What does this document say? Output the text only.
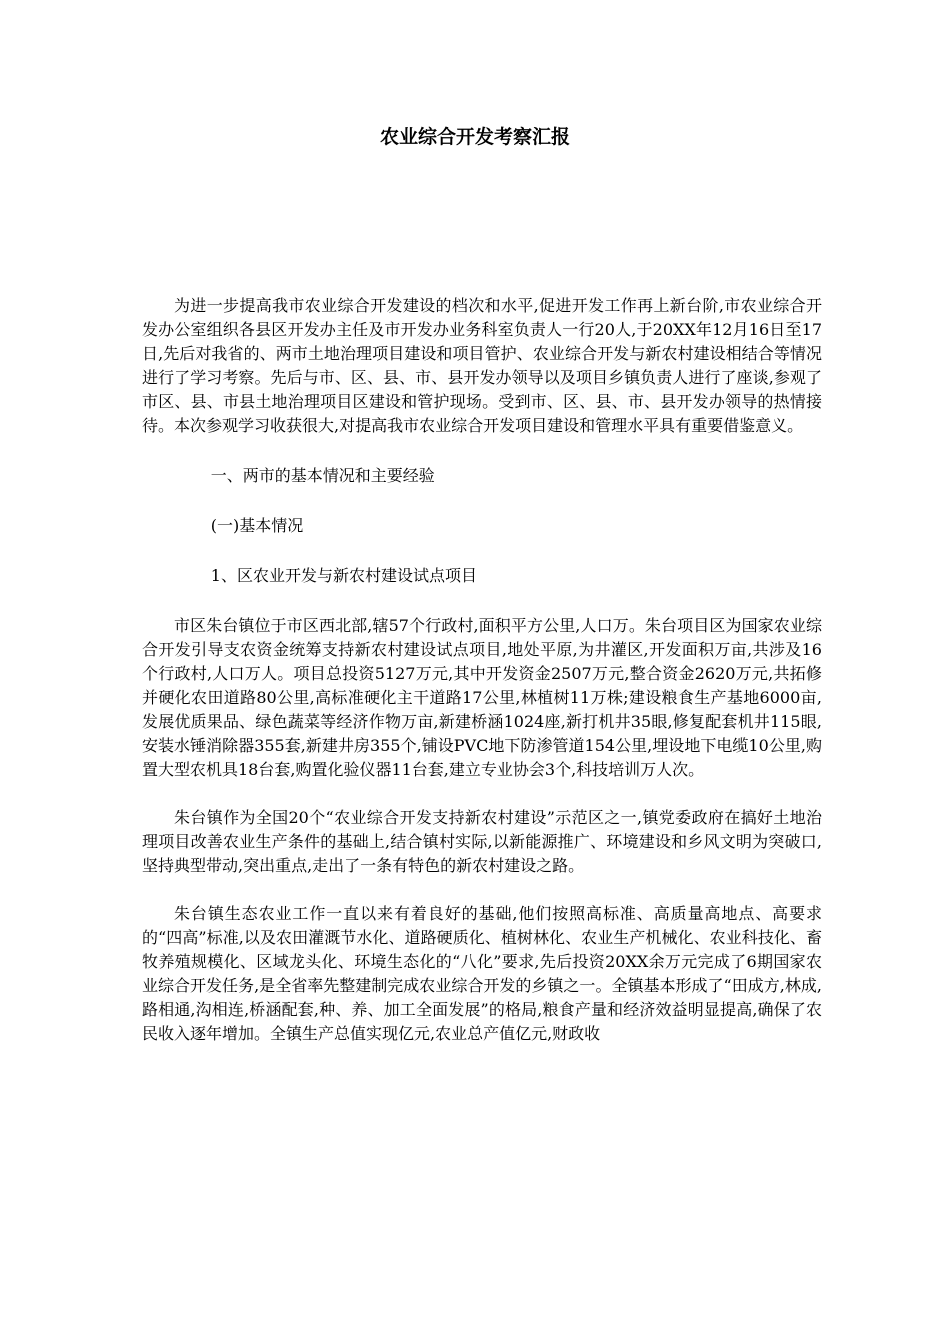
农业综合开发考察汇报

为进一步提高我市农业综合开发建设的档次和水平,促进开发工作再上新台阶,市农业综合开发办公室组织各县区开发办主任及市开发办业务科室负责人一行20人,于20XX年12月16日至17日,先后对我省的、两市土地治理项目建设和项目管护、农业综合开发与新农村建设相结合等情况进行了学习考察。先后与市、区、县、市、县开发办领导以及项目乡镇负责人进行了座谈,参观了市区、县、市县土地治理项目区建设和管护现场。受到市、区、县、市、县开发办领导的热情接待。本次参观学习收获很大,对提高我市农业综合开发项目建设和管理水平具有重要借鉴意义。

一、两市的基本情况和主要经验

(一)基本情况

1、区农业开发与新农村建设试点项目

市区朱台镇位于市区西北部,辖57个行政村,面积平方公里,人口万。朱台项目区为国家农业综合开发引导支农资金统筹支持新农村建设试点项目,地处平原,为井灌区,开发面积万亩,共涉及16个行政村,人口万人。项目总投资5127万元,其中开发资金2507万元,整合资金2620万元,共拓修并硬化农田道路80公里,高标准硬化主干道路17公里,林植树11万株;建设粮食生产基地6000亩,发展优质果品、绿色蔬菜等经济作物万亩,新建桥涵1024座,新打机井35眼,修复配套机井115眼,安装水锤消除器355套,新建井房355个,铺设PVC地下防渗管道154公里,埋设地下电缆10公里,购置大型农机具18台套,购置化验仪器11台套,建立专业协会3个,科技培训万人次。

朱台镇作为全国20个“农业综合开发支持新农村建设”示范区之一,镇党委政府在搞好土地治理项目改善农业生产条件的基础上,结合镇村实际,以新能源推广、环境建设和乡风文明为突破口,坚持典型带动,突出重点,走出了一条有特色的新农村建设之路。

朱台镇生态农业工作一直以来有着良好的基础,他们按照高标准、高质量高地点、高要求的“四高”标准,以及农田灌溉节水化、道路硬质化、植树林化、农业生产机械化、农业科技化、畜牧养殖规模化、区域龙头化、环境生态化的“八化”要求,先后投资20XX余万元完成了6期国家农业综合开发任务,是全省率先整建制完成农业综合开发的乡镇之一。全镇基本形成了“田成方,林成,路相通,沟相连,桥涵配套,种、养、加工全面发展”的格局,粮食产量和经济效益明显提高,确保了农民收入逐年增加。全镇生产总值实现亿元,农业总产值亿元,财政收
